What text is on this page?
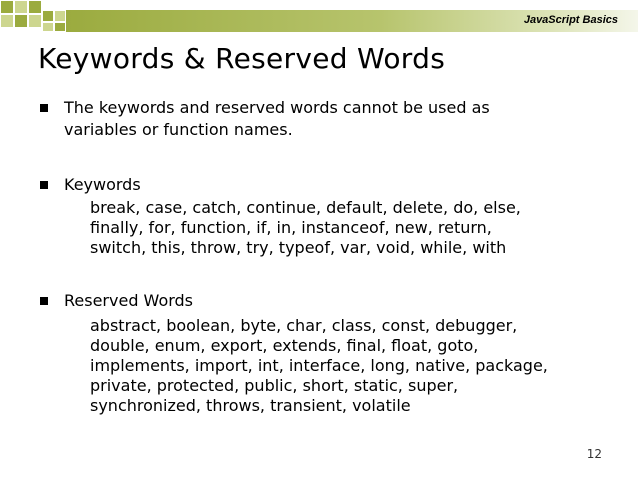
JavaScript Basics
Keywords & Reserved Words
The keywords and reserved words cannot be used as
variables or function names.
Keywords
break, case, catch, continue, default, delete, do, else,
finally, for, function, if, in, instanceof, new, return,
switch, this, throw, try, typeof, var, void, while, with
Reserved Words
abstract, boolean, byte, char, class, const, debugger,
double, enum, export, extends, final, float, goto,
implements, import, int, interface, long, native, package,
private, protected, public, short, static, super,
synchronized, throws, transient, volatile
12
